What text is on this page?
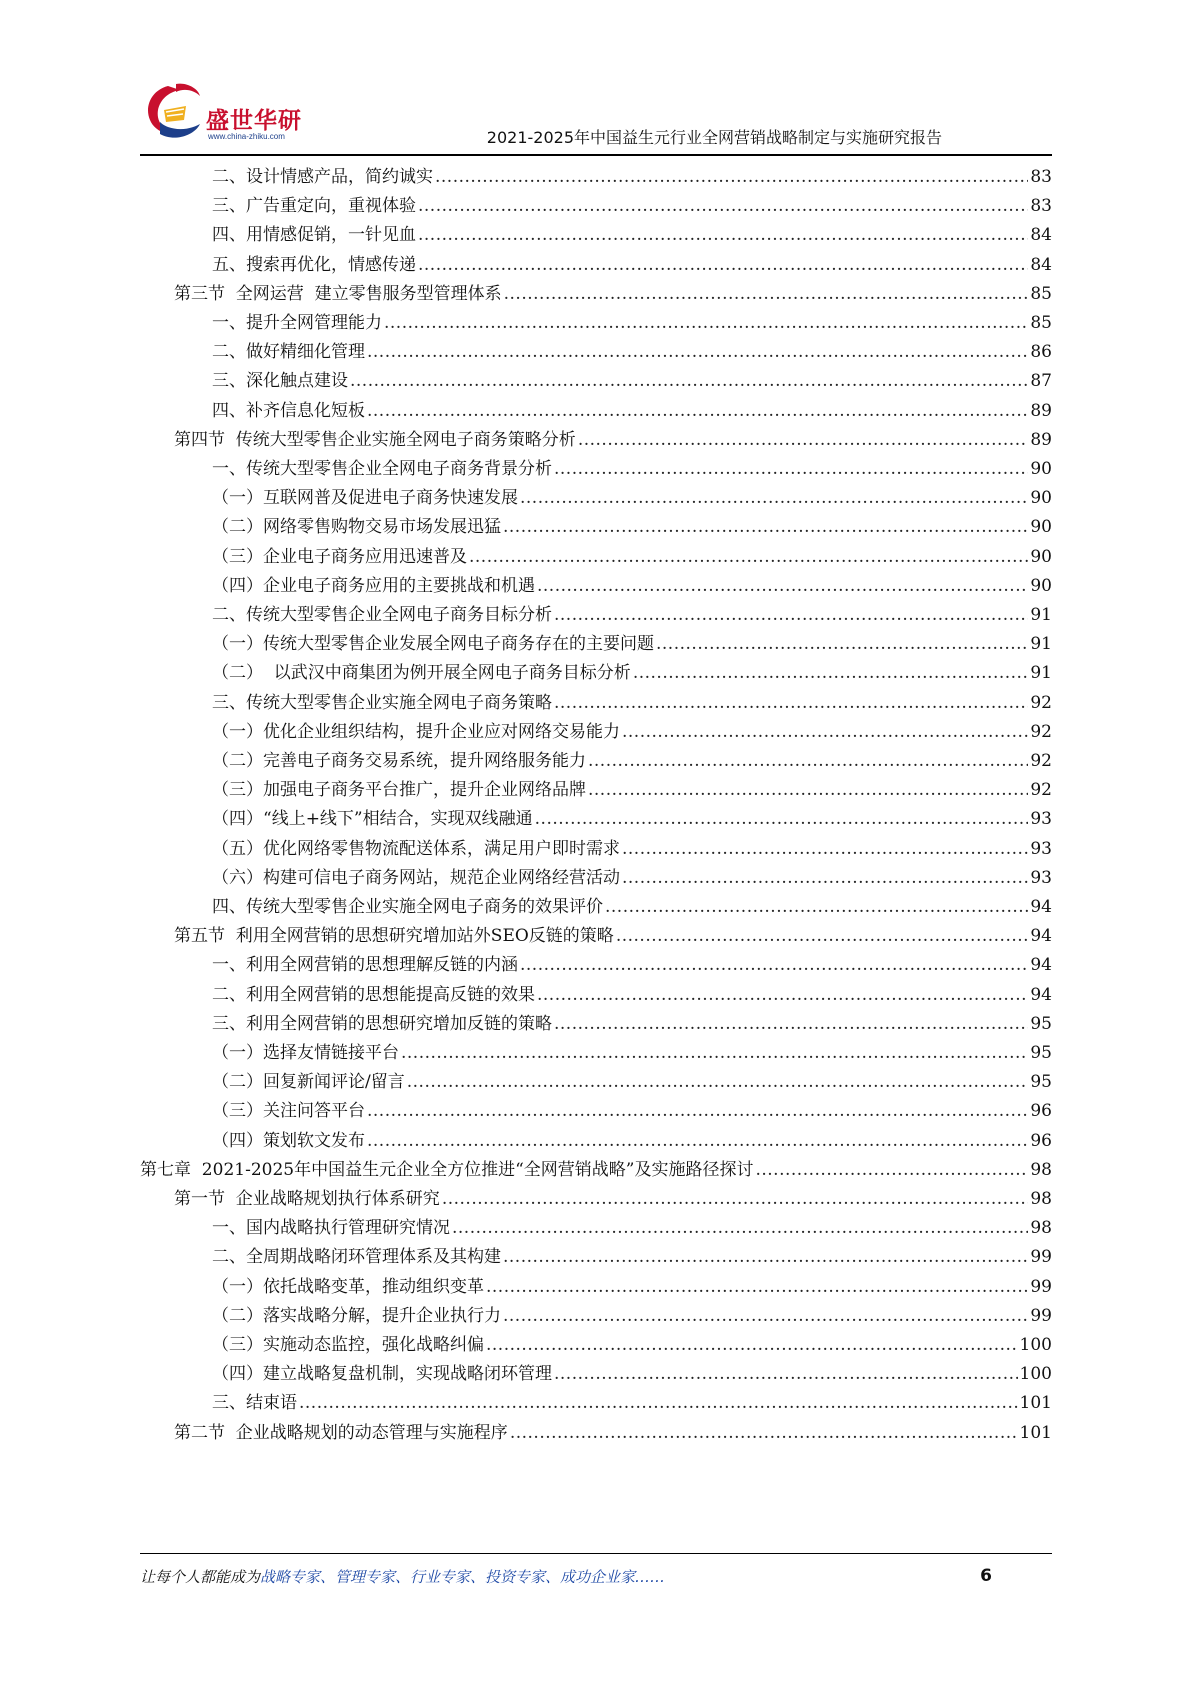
盛世华研
www.china-zhiku.com	2021-2025年中国益生元行业全网营销战略制定与实施研究报告
二、设计情感产品，简约诚实 .....	83
三、广告重定向，重视体验 .....	83
四、用情感促销，一针见血 .....	84
五、搜索再优化，情感传递 .....	84
第三节  全网运营  建立零售服务型管理体系 .....	85
一、提升全网管理能力 .....	85
二、做好精细化管理 .....	86
三、深化触点建设 .....	87
四、补齐信息化短板 .....	89
第四节  传统大型零售企业实施全网电子商务策略分析 .....	89
一、传统大型零售企业全网电子商务背景分析 .....	90
（一）互联网普及促进电子商务快速发展 .....	90
（二）网络零售购物交易市场发展迅猛 .....	90
（三）企业电子商务应用迅速普及 .....	90
（四）企业电子商务应用的主要挑战和机遇 .....	90
二、传统大型零售企业全网电子商务目标分析 .....	91
（一）传统大型零售企业发展全网电子商务存在的主要问题 .....	91
（二）  以武汉中商集团为例开展全网电子商务目标分析 .....	91
三、传统大型零售企业实施全网电子商务策略 .....	92
（一）优化企业组织结构，提升企业应对网络交易能力 .....	92
（二）完善电子商务交易系统，提升网络服务能力 .....	92
（三）加强电子商务平台推广，提升企业网络品牌 .....	92
（四）“线上+线下”相结合，实现双线融通 .....	93
（五）优化网络零售物流配送体系，满足用户即时需求 .....	93
（六）构建可信电子商务网站，规范企业网络经营活动 .....	93
四、传统大型零售企业实施全网电子商务的效果评价 .....	94
第五节  利用全网营销的思想研究增加站外SEO反链的策略 .....	94
一、利用全网营销的思想理解反链的内涵 .....	94
二、利用全网营销的思想能提高反链的效果 .....	94
三、利用全网营销的思想研究增加反链的策略 .....	95
（一）选择友情链接平台 .....	95
（二）回复新闻评论/留言 .....	95
（三）关注问答平台 .....	96
（四）策划软文发布 .....	96
第七章  2021-2025年中国益生元企业全方位推进“全网营销战略”及实施路径探讨 .....	98
第一节  企业战略规划执行体系研究 .....	98
一、国内战略执行管理研究情况 .....	98
二、全周期战略闭环管理体系及其构建 .....	99
（一）依托战略变革，推动组织变革 .....	99
（二）落实战略分解，提升企业执行力 .....	99
（三）实施动态监控，强化战略纠偏 .....	100
（四）建立战略复盘机制，实现战略闭环管理 .....	100
三、结束语 .....	101
第二节  企业战略规划的动态管理与实施程序 .....	101
让每个人都能成为战略专家、管理专家、行业专家、投资专家、成功企业家……	6
